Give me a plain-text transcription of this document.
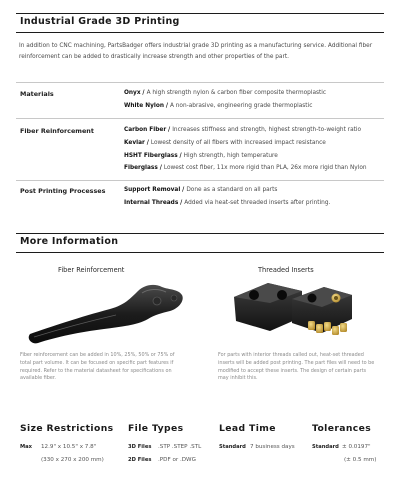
Industrial Grade 3D Printing
In addition to CNC machining, PartsBadger offers industrial grade 3D printing as a manufacturing service. Additional fiber reinforcement can be added to drastically increase strength and other properties of the part.
Materials	Onyx / A high strength nylon & carbon fiber composite thermoplastic
White Nylon / A non-abrasive, engineering grade thermoplastic
Fiber Reinforcement	Carbon Fiber / Increases stiffness and strength, highest strength-to-weight ratio
Kevlar / Lowest density of all fibers with increased impact resistance
HSHT Fiberglass / High strength, high temperature
Fiberglass / Lowest cost fiber, 11x more rigid than PLA, 26x more rigid than Nylon
Post Printing Processes	Support Removal / Done as a standard on all parts
Internal Threads / Added via heat-set threaded inserts after printing.
More Information
Fiber Reinforcement	Threaded Inserts
Fiber reinforcement can be added in 10%, 25%, 50% or 75% of total part volume. It can be focused on specific part features if required. Refer to the material datasheet for specifications on available fiber.
For parts with interior threads called out, heat-set threaded inserts will be added post printing. The part files will need to be modified to accept these inserts. The design of certain parts may inhibit this.
Size Restrictions
Max 12.9" x 10.5" x 7.8"
(330 x 270 x 200 mm)
File Types
3D Files .STP .STEP .STL
2D Files .PDF or .DWG
Lead Time
Standard 7 business days
Tolerances
Standard ± 0.0197"
(± 0.5 mm)
